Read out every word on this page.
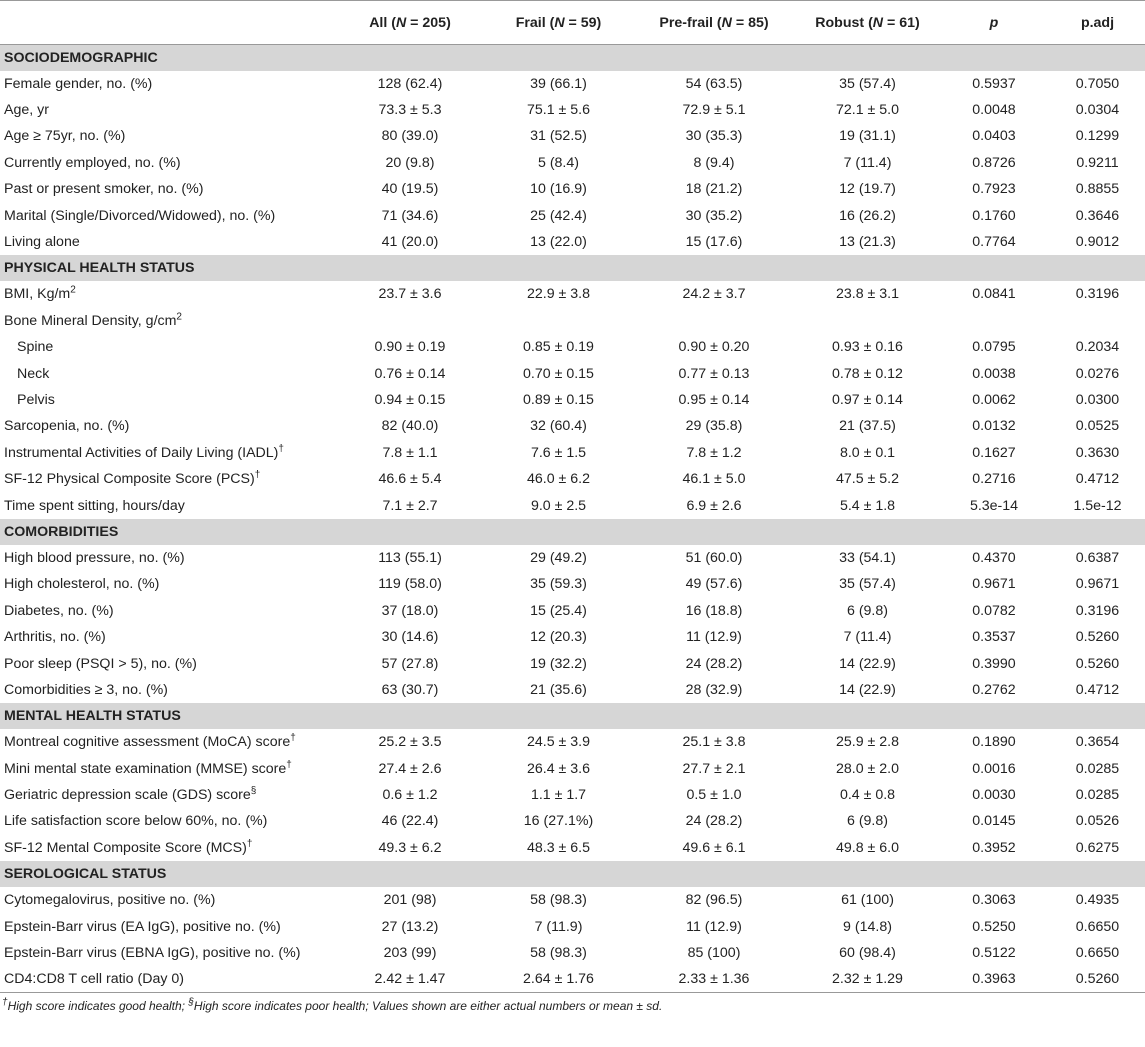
	All (N = 205)	Frail (N = 59)	Pre-frail (N = 85)	Robust (N = 61)	p	p.adj
SOCIODEMOGRAPHIC						
Female gender, no. (%)	128 (62.4)	39 (66.1)	54 (63.5)	35 (57.4)	0.5937	0.7050
Age, yr	73.3 ± 5.3	75.1 ± 5.6	72.9 ± 5.1	72.1 ± 5.0	0.0048	0.0304
Age ≥ 75yr, no. (%)	80 (39.0)	31 (52.5)	30 (35.3)	19 (31.1)	0.0403	0.1299
Currently employed, no. (%)	20 (9.8)	5 (8.4)	8 (9.4)	7 (11.4)	0.8726	0.9211
Past or present smoker, no. (%)	40 (19.5)	10 (16.9)	18 (21.2)	12 (19.7)	0.7923	0.8855
Marital (Single/Divorced/Widowed), no. (%)	71 (34.6)	25 (42.4)	30 (35.2)	16 (26.2)	0.1760	0.3646
Living alone	41 (20.0)	13 (22.0)	15 (17.6)	13 (21.3)	0.7764	0.9012
PHYSICAL HEALTH STATUS						
BMI, $Kg/m^2$	23.7 ± 3.6	22.9 ± 3.8	24.2 ± 3.7	23.8 ± 3.1	0.0841	0.3196
Bone Mineral Density, $g/cm^2$						
Spine	0.90 ± 0.19	0.85 ± 0.19	0.90 ± 0.20	0.93 ± 0.16	0.0795	0.2034
Neck	0.76 ± 0.14	0.70 ± 0.15	0.77 ± 0.13	0.78 ± 0.12	0.0038	0.0276
Pelvis	0.94 ± 0.15	0.89 ± 0.15	0.95 ± 0.14	0.97 ± 0.14	0.0062	0.0300
Sarcopenia, no. (%)	82 (40.0)	32 (60.4)	29 (35.8)	21 (37.5)	0.0132	0.0525
Instrumental Activities of Daily Living (IADL)†	7.8 ± 1.1	7.6 ± 1.5	7.8 ± 1.2	8.0 ± 0.1	0.1627	0.3630
SF-12 Physical Composite Score (PCS)†	46.6 ± 5.4	46.0 ± 6.2	46.1 ± 5.0	47.5 ± 5.2	0.2716	0.4712
Time spent sitting, hours/day	7.1 ± 2.7	9.0 ± 2.5	6.9 ± 2.6	5.4 ± 1.8	5.3e-14	1.5e-12
COMORBIDITIES						
High blood pressure, no. (%)	113 (55.1)	29 (49.2)	51 (60.0)	33 (54.1)	0.4370	0.6387
High cholesterol, no. (%)	119 (58.0)	35 (59.3)	49 (57.6)	35 (57.4)	0.9671	0.9671
Diabetes, no. (%)	37 (18.0)	15 (25.4)	16 (18.8)	6 (9.8)	0.0782	0.3196
Arthritis, no. (%)	30 (14.6)	12 (20.3)	11 (12.9)	7 (11.4)	0.3537	0.5260
Poor sleep (PSQI > 5), no. (%)	57 (27.8)	19 (32.2)	24 (28.2)	14 (22.9)	0.3990	0.5260
Comorbidities ≥ 3, no. (%)	63 (30.7)	21 (35.6)	28 (32.9)	14 (22.9)	0.2762	0.4712
MENTAL HEALTH STATUS						
Montreal cognitive assessment (MoCA) score†	25.2 ± 3.5	24.5 ± 3.9	25.1 ± 3.8	25.9 ± 2.8	0.1890	0.3654
Mini mental state examination (MMSE) score†	27.4 ± 2.6	26.4 ± 3.6	27.7 ± 2.1	28.0 ± 2.0	0.0016	0.0285
Geriatric depression scale (GDS) score§	0.6 ± 1.2	1.1 ± 1.7	0.5 ± 1.0	0.4 ± 0.8	0.0030	0.0285
Life satisfaction score below 60%, no. (%)	46 (22.4)	16 (27.1%)	24 (28.2)	6 (9.8)	0.0145	0.0526
SF-12 Mental Composite Score (MCS)†	49.3 ± 6.2	48.3 ± 6.5	49.6 ± 6.1	49.8 ± 6.0	0.3952	0.6275
SEROLOGICAL STATUS						
Cytomegalovirus, positive no. (%)	201 (98)	58 (98.3)	82 (96.5)	61 (100)	0.3063	0.4935
Epstein-Barr virus (EA IgG), positive no. (%)	27 (13.2)	7 (11.9)	11 (12.9)	9 (14.8)	0.5250	0.6650
Epstein-Barr virus (EBNA IgG), positive no. (%)	203 (99)	58 (98.3)	85 (100)	60 (98.4)	0.5122	0.6650
CD4:CD8 T cell ratio (Day 0)	2.42 ± 1.47	2.64 ± 1.76	2.33 ± 1.36	2.32 ± 1.29	0.3963	0.5260
†High score indicates good health; §High score indicates poor health; Values shown are either actual numbers or mean ± sd.
